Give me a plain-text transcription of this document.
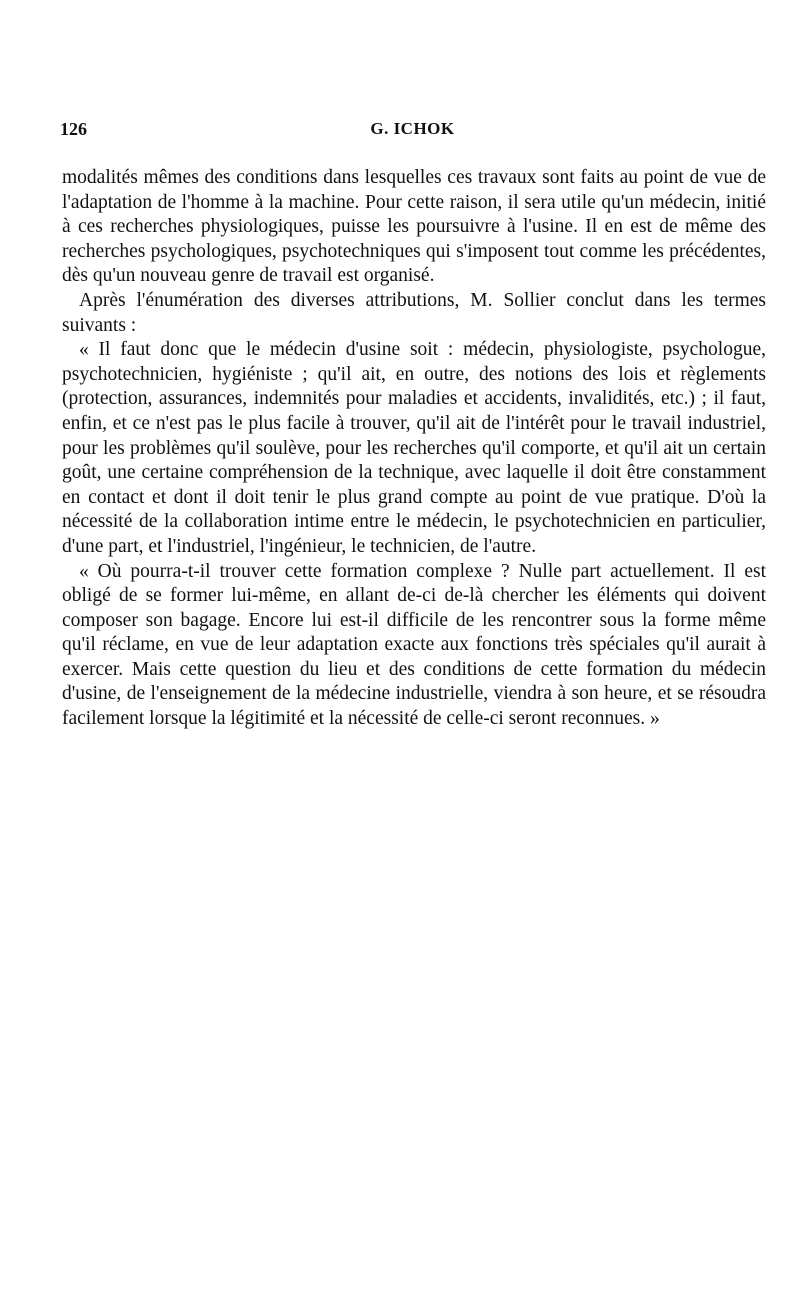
126	G. ICHOK

modalités mêmes des conditions dans lesquelles ces travaux sont faits au point de vue de l'adaptation de l'homme à la machine. Pour cette raison, il sera utile qu'un médecin, initié à ces recherches physiologiques, puisse les poursuivre à l'usine. Il en est de même des recherches psychologiques, psychotechniques qui s'imposent tout comme les précédentes, dès qu'un nouveau genre de travail est organisé.

Après l'énumération des diverses attributions, M. Sollier conclut dans les termes suivants :

« Il faut donc que le médecin d'usine soit : médecin, physiologiste, psychologue, psychotechnicien, hygiéniste ; qu'il ait, en outre, des notions des lois et règlements (protection, assurances, indemnités pour maladies et accidents, invalidités, etc.) ; il faut, enfin, et ce n'est pas le plus facile à trouver, qu'il ait de l'intérêt pour le travail industriel, pour les problèmes qu'il soulève, pour les recherches qu'il comporte, et qu'il ait un certain goût, une certaine compréhension de la technique, avec laquelle il doit être constamment en contact et dont il doit tenir le plus grand compte au point de vue pratique. D'où la nécessité de la collaboration intime entre le médecin, le psychotechnicien en particulier, d'une part, et l'industriel, l'ingénieur, le technicien, de l'autre.

« Où pourra-t-il trouver cette formation complexe ? Nulle part actuellement. Il est obligé de se former lui-même, en allant de-ci de-là chercher les éléments qui doivent composer son bagage. Encore lui est-il difficile de les rencontrer sous la forme même qu'il réclame, en vue de leur adaptation exacte aux fonctions très spéciales qu'il aurait à exercer. Mais cette question du lieu et des conditions de cette formation du médecin d'usine, de l'enseignement de la médecine industrielle, viendra à son heure, et se résoudra facilement lorsque la légitimité et la nécessité de celle-ci seront reconnues. »
